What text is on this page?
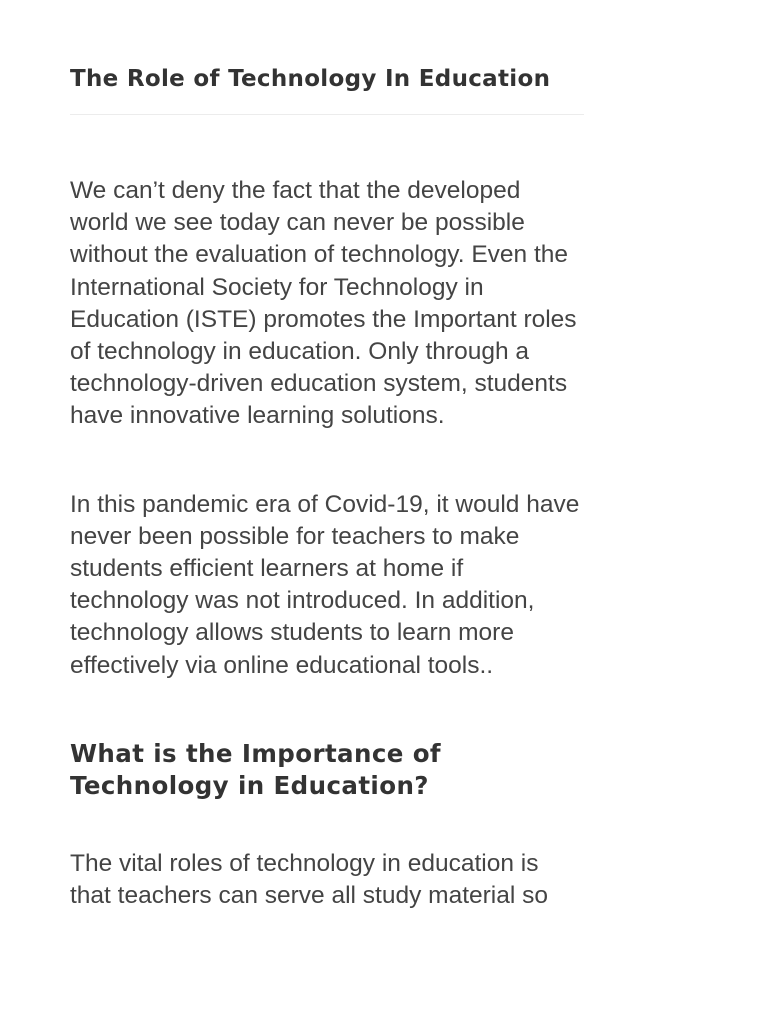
The Role of Technology In Education

We can’t deny the fact that the developed world we see today can never be possible without the evaluation of technology. Even the International Society for Technology in Education (ISTE) promotes the Important roles of technology in education. Only through a technology-driven education system, students have innovative learning solutions.

In this pandemic era of Covid-19, it would have never been possible for teachers to make students efficient learners at home if technology was not introduced. In addition, technology allows students to learn more effectively via online educational tools..

What is the Importance of Technology in Education?

The vital roles of technology in education is that teachers can serve all study material so
